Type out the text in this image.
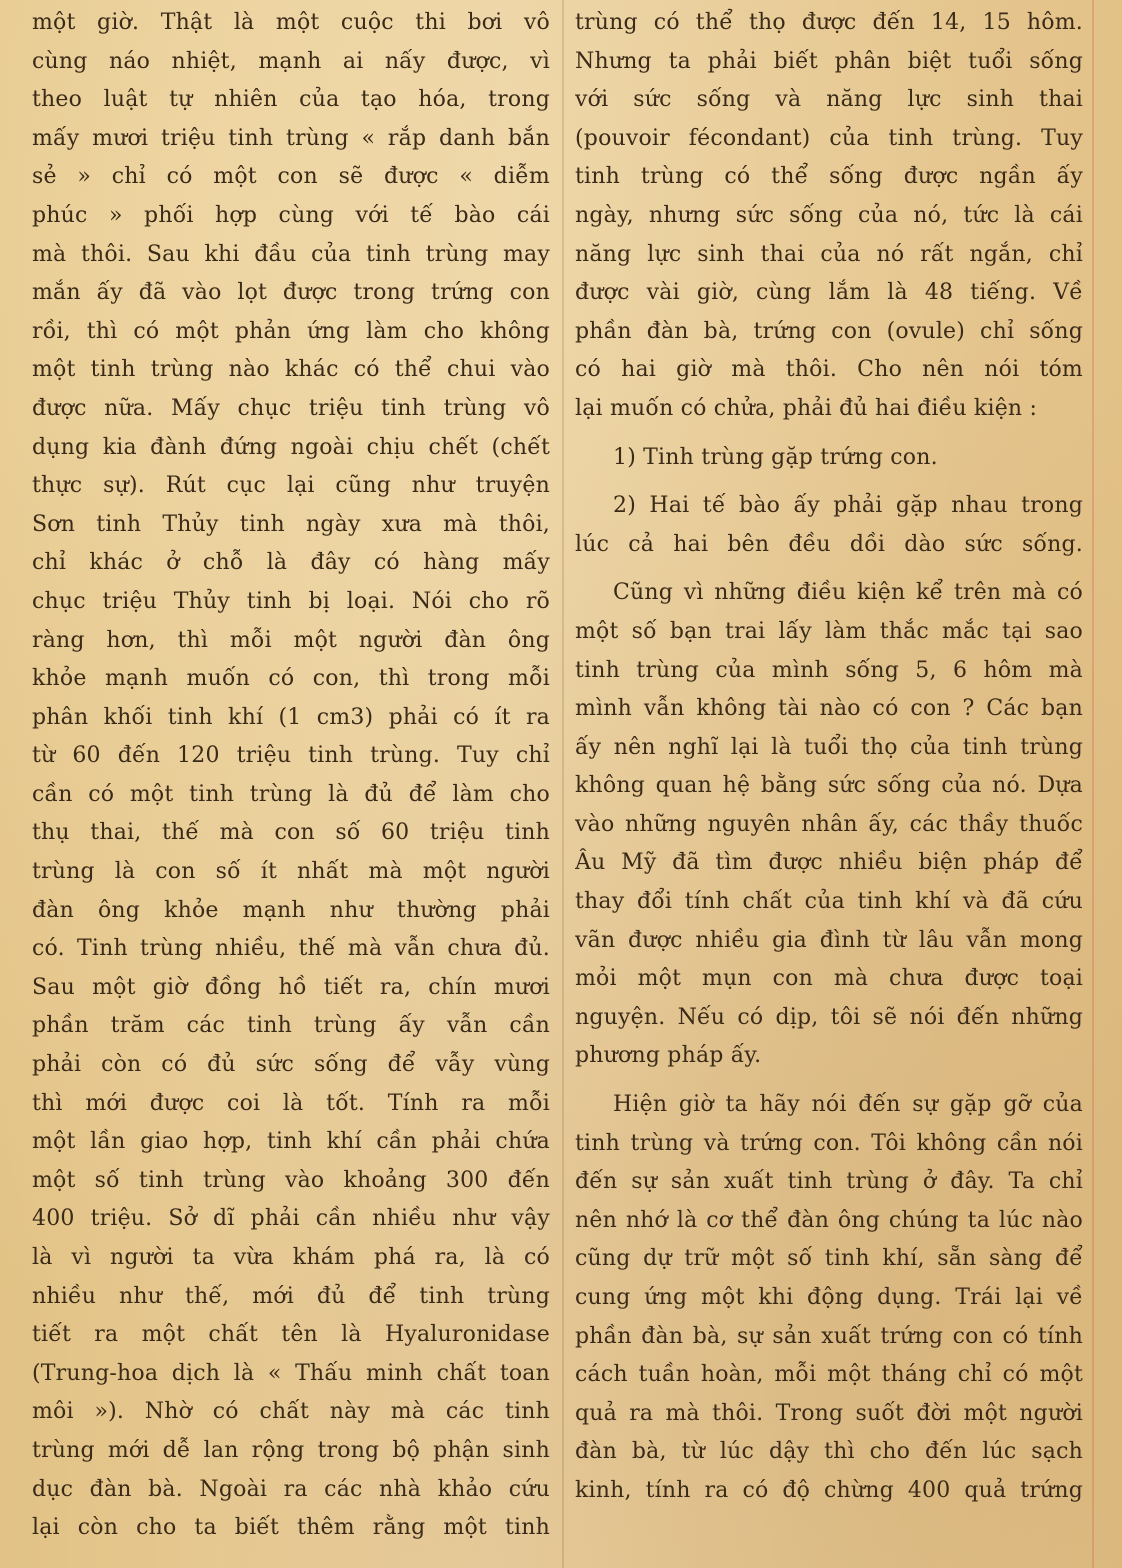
một giờ. Thật là một cuộc thi bơi vô
cùng náo nhiệt, mạnh ai nấy được, vì
theo luật tự nhiên của tạo hóa, trong
mấy mươi triệu tinh trùng « rắp danh bắn
sẻ » chỉ có một con sẽ được « diễm
phúc » phối hợp cùng với tế bào cái
mà thôi. Sau khi đầu của tinh trùng may
mắn ấy đã vào lọt được trong trứng con
rồi, thì có một phản ứng làm cho không
một tinh trùng nào khác có thể chui vào
được nữa. Mấy chục triệu tinh trùng vô
dụng kia đành đứng ngoài chịu chết (chết
thực sự). Rút cục lại cũng như truyện
Sơn tinh Thủy tinh ngày xưa mà thôi,
chỉ khác ở chỗ là đây có hàng mấy
chục triệu Thủy tinh bị loại. Nói cho rõ
ràng hơn, thì mỗi một người đàn ông
khỏe mạnh muốn có con, thì trong mỗi
phân khối tinh khí (1 cm3) phải có ít ra
từ 60 đến 120 triệu tinh trùng. Tuy chỉ
cần có một tinh trùng là đủ để làm cho
thụ thai, thế mà con số 60 triệu tinh
trùng là con số ít nhất mà một người
đàn ông khỏe mạnh như thường phải
có. Tinh trùng nhiều, thế mà vẫn chưa đủ.
Sau một giờ đồng hồ tiết ra, chín mươi
phần trăm các tinh trùng ấy vẫn cần
phải còn có đủ sức sống để vẫy vùng
thì mới được coi là tốt. Tính ra mỗi
một lần giao hợp, tinh khí cần phải chứa
một số tinh trùng vào khoảng 300 đến
400 triệu. Sở dĩ phải cần nhiều như vậy
là vì người ta vừa khám phá ra, là có
nhiều như thế, mới đủ để tinh trùng
tiết ra một chất tên là Hyaluronidase
(Trung-hoa dịch là « Thấu minh chất toan
môi »). Nhờ có chất này mà các tinh
trùng mới dễ lan rộng trong bộ phận sinh
dục đàn bà. Ngoài ra các nhà khảo cứu
lại còn cho ta biết thêm rằng một tinh
trùng có thể thọ được đến 14, 15 hôm.
Nhưng ta phải biết phân biệt tuổi sống
với sức sống và năng lực sinh thai
(pouvoir fécondant) của tinh trùng. Tuy
tinh trùng có thể sống được ngần ấy
ngày, nhưng sức sống của nó, tức là cái
năng lực sinh thai của nó rất ngắn, chỉ
được vài giờ, cùng lắm là 48 tiếng. Về
phần đàn bà, trứng con (ovule) chỉ sống
có hai giờ mà thôi. Cho nên nói tóm
lại muốn có chửa, phải đủ hai điều kiện :
1) Tinh trùng gặp trứng con.
2) Hai tế bào ấy phải gặp nhau trong
lúc cả hai bên đều dồi dào sức sống.
Cũng vì những điều kiện kể trên mà có
một số bạn trai lấy làm thắc mắc tại sao
tinh trùng của mình sống 5, 6 hôm mà
mình vẫn không tài nào có con ? Các bạn
ấy nên nghĩ lại là tuổi thọ của tinh trùng
không quan hệ bằng sức sống của nó. Dựa
vào những nguyên nhân ấy, các thầy thuốc
Âu Mỹ đã tìm được nhiều biện pháp để
thay đổi tính chất của tinh khí và đã cứu
vãn được nhiều gia đình từ lâu vẫn mong
mỏi một mụn con mà chưa được toại
nguyện. Nếu có dịp, tôi sẽ nói đến những
phương pháp ấy.
Hiện giờ ta hãy nói đến sự gặp gỡ của
tinh trùng và trứng con. Tôi không cần nói
đến sự sản xuất tinh trùng ở đây. Ta chỉ
nên nhớ là cơ thể đàn ông chúng ta lúc nào
cũng dự trữ một số tinh khí, sẵn sàng để
cung ứng một khi động dụng. Trái lại về
phần đàn bà, sự sản xuất trứng con có tính
cách tuần hoàn, mỗi một tháng chỉ có một
quả ra mà thôi. Trong suốt đời một người
đàn bà, từ lúc dậy thì cho đến lúc sạch
kinh, tính ra có độ chừng 400 quả trứng
